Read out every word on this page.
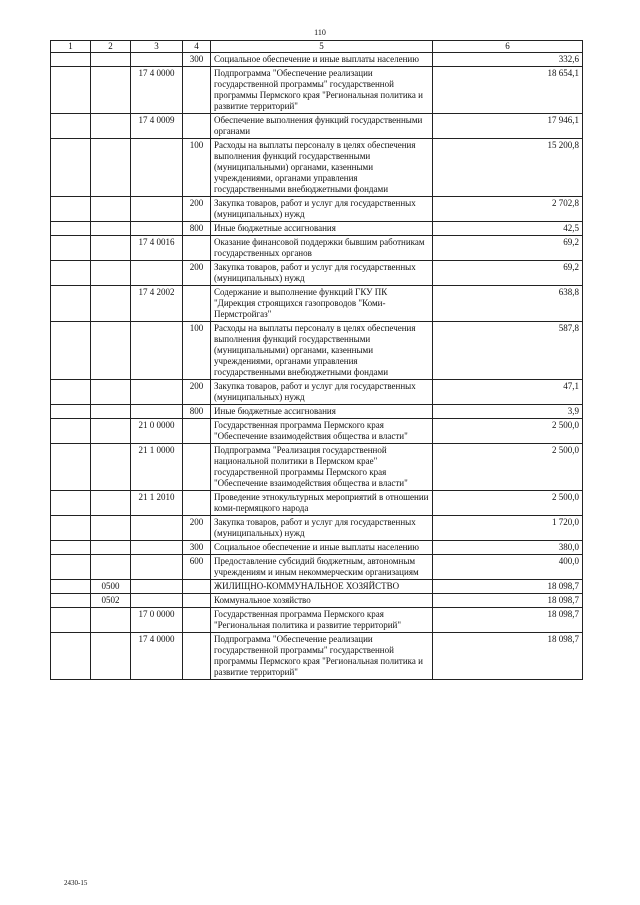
110
1	2	3	4	5	6
			300	Социальное обеспечение и иные выплаты населению	332,6
		17 4 0000		Подпрограмма "Обеспечение реализации государственной программы" государственной программы Пермского края "Региональная политика и развитие территорий"	18 654,1
		17 4 0009		Обеспечение выполнения функций государственными органами	17 946,1
			100	Расходы на выплаты персоналу в целях обеспечения выполнения функций государственными (муниципальными) органами, казенными учреждениями, органами управления государственными внебюджетными фондами	15 200,8
			200	Закупка товаров, работ и услуг для государственных (муниципальных) нужд	2 702,8
			800	Иные бюджетные ассигнования	42,5
		17 4 0016		Оказание финансовой поддержки бывшим работникам государственных органов	69,2
			200	Закупка товаров, работ и услуг для государственных (муниципальных) нужд	69,2
		17 4 2002		Содержание и выполнение функций ГКУ ПК "Дирекция строящихся газопроводов "Коми-Пермстройгаз"	638,8
			100	Расходы на выплаты персоналу в целях обеспечения выполнения функций государственными (муниципальными) органами, казенными учреждениями, органами управления государственными внебюджетными фондами	587,8
			200	Закупка товаров, работ и услуг для государственных (муниципальных) нужд	47,1
			800	Иные бюджетные ассигнования	3,9
		21 0 0000		Государственная программа Пермского края "Обеспечение взаимодействия общества и власти"	2 500,0
		21 1 0000		Подпрограмма "Реализация государственной национальной политики в Пермском крае" государственной программы Пермского края "Обеспечение взаимодействия общества и власти"	2 500,0
		21 1 2010		Проведение этнокультурных мероприятий в отношении коми-пермяцкого народа	2 500,0
			200	Закупка товаров, работ и услуг для государственных (муниципальных) нужд	1 720,0
			300	Социальное обеспечение и иные выплаты населению	380,0
			600	Предоставление субсидий бюджетным, автономным учреждениям и иным некоммерческим организациям	400,0
	0500			ЖИЛИЩНО-КОММУНАЛЬНОЕ ХОЗЯЙСТВО	18 098,7
	0502			Коммунальное хозяйство	18 098,7
		17 0 0000		Государственная программа Пермского края "Региональная политика и развитие территорий"	18 098,7
		17 4 0000		Подпрограмма "Обеспечение реализации государственной программы" государственной программы Пермского края "Региональная политика и развитие территорий"	18 098,7
2430-15
